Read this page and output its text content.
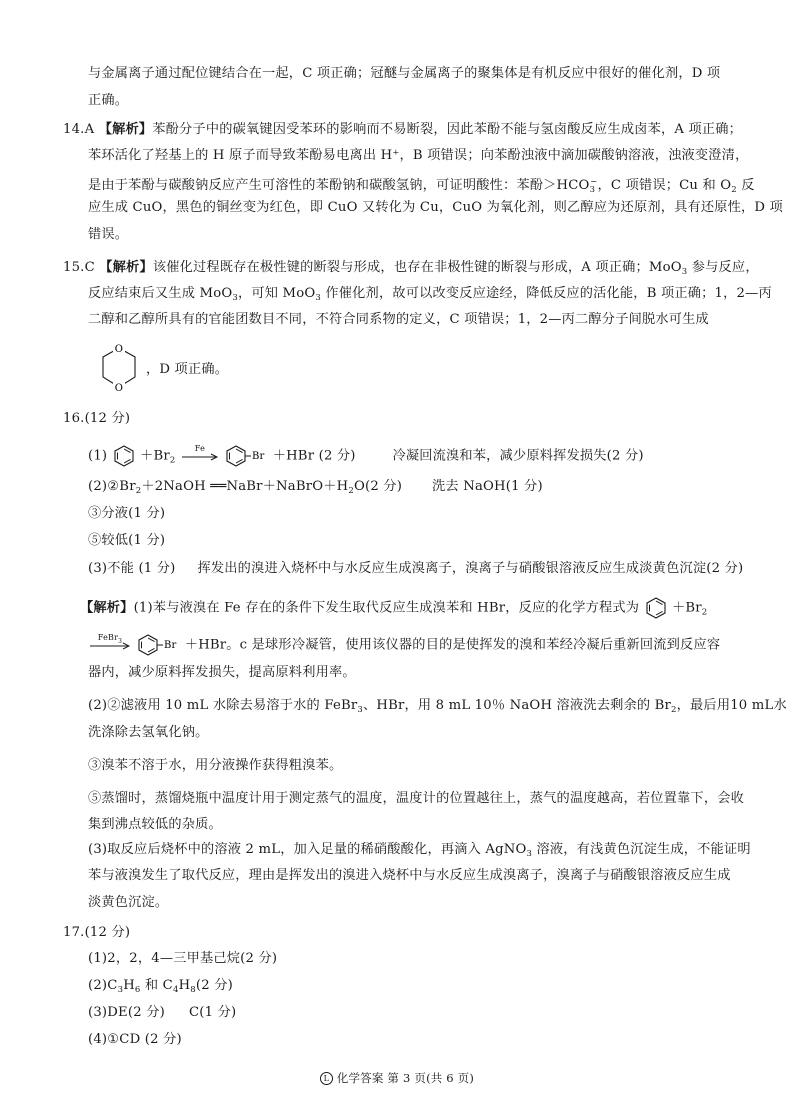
与金属离子通过配位键结合在一起，C 项正确；冠醚与金属离子的聚集体是有机反应中很好的催化剂，D 项
正确。
14.A 【解析】苯酚分子中的碳氧键因受苯环的影响而不易断裂，因此苯酚不能与氢卤酸反应生成卤苯，A 项正确；
苯环活化了羟基上的 H 原子而导致苯酚易电离出 H⁺，B 项错误；向苯酚浊液中滴加碳酸钠溶液，浊液变澄清，
是由于苯酚与碳酸钠反应产生可溶性的苯酚钠和碳酸氢钠，可证明酸性：苯酚$>HCO_3^-$，C 项错误；Cu 和 $O_2$ 反
应生成 CuO，黑色的铜丝变为红色，即 CuO 又转化为 Cu，CuO 为氧化剂，则乙醇应为还原剂，具有还原性，D 项
错误。
15.C 【解析】该催化过程既存在极性键的断裂与形成，也存在非极性键的断裂与形成，A 项正确；MoO$_3$ 参与反应，
反应结束后又生成 MoO$_3$，可知 MoO$_3$ 作催化剂，故可以改变反应途经，降低反应的活化能，B 项正确；1，2—丙
二醇和乙醇所具有的官能团数目不同，不符合同系物的定义，C 项错误；1，2—丙二醇分子间脱水可生成
O
O
，D 项正确。
16.(12 分)
$(1) +Br_2$
Fe

Br ＋HBr (2 分)	冷凝回流溴和苯，减少原料挥发损失(2 分)
$(2)②Br_2+2NaOH$ $══NaBr+NaBrO+H_2O(2$ 分) 洗去 NaOH(1 分)
③分液(1 分)
⑤较低(1 分)
(3)不能 (1 分) 挥发出的溴进入烧杯中与水反应生成溴离子，溴离子与硝酸银溶液反应生成淡黄色沉淀(2 分)
【解析】(1)苯与液溴在 Fe 存在的条件下发生取代反应生成溴苯和 HBr，反应的化学方程式为 $+Br_2$
FeBr$_3$
	Br ＋HBr。c 是球形冷凝管，使用该仪器的目的是使挥发的溴和苯经冷凝后重新回流到反应容
器内，减少原料挥发损失，提高原料利用率。
(2)②滤液用 10 mL 水除去易溶于水的 FeBr$_3$、HBr，用 8 mL 10％ NaOH 溶液洗去剩余的 $Br_2$，最后用10 mL水
洗涤除去氢氧化钠。
③溴苯不溶于水，用分液操作获得粗溴苯。
⑤蒸馏时，蒸馏烧瓶中温度计用于测定蒸气的温度，温度计的位置越往上，蒸气的温度越高，若位置靠下，会收
集到沸点较低的杂质。
(3)取反应后烧杯中的溶液 2 mL，加入足量的稀硝酸酸化，再滴入 AgNO$_3$ 溶液，有浅黄色沉淀生成，不能证明
苯与液溴发生了取代反应，理由是挥发出的溴进入烧杯中与水反应生成溴离子，溴离子与硝酸银溶液反应生成
淡黄色沉淀。
17.(12 分)
(1)2，2，4—三甲基己烷(2 分)
$(2)C_3H_6$ 和 $C_4H_8(2$ 分)
(3)DE(2 分) C(1 分)
(4)①CD (2 分)
L 化学答案 第 3 页(共 6 页)
